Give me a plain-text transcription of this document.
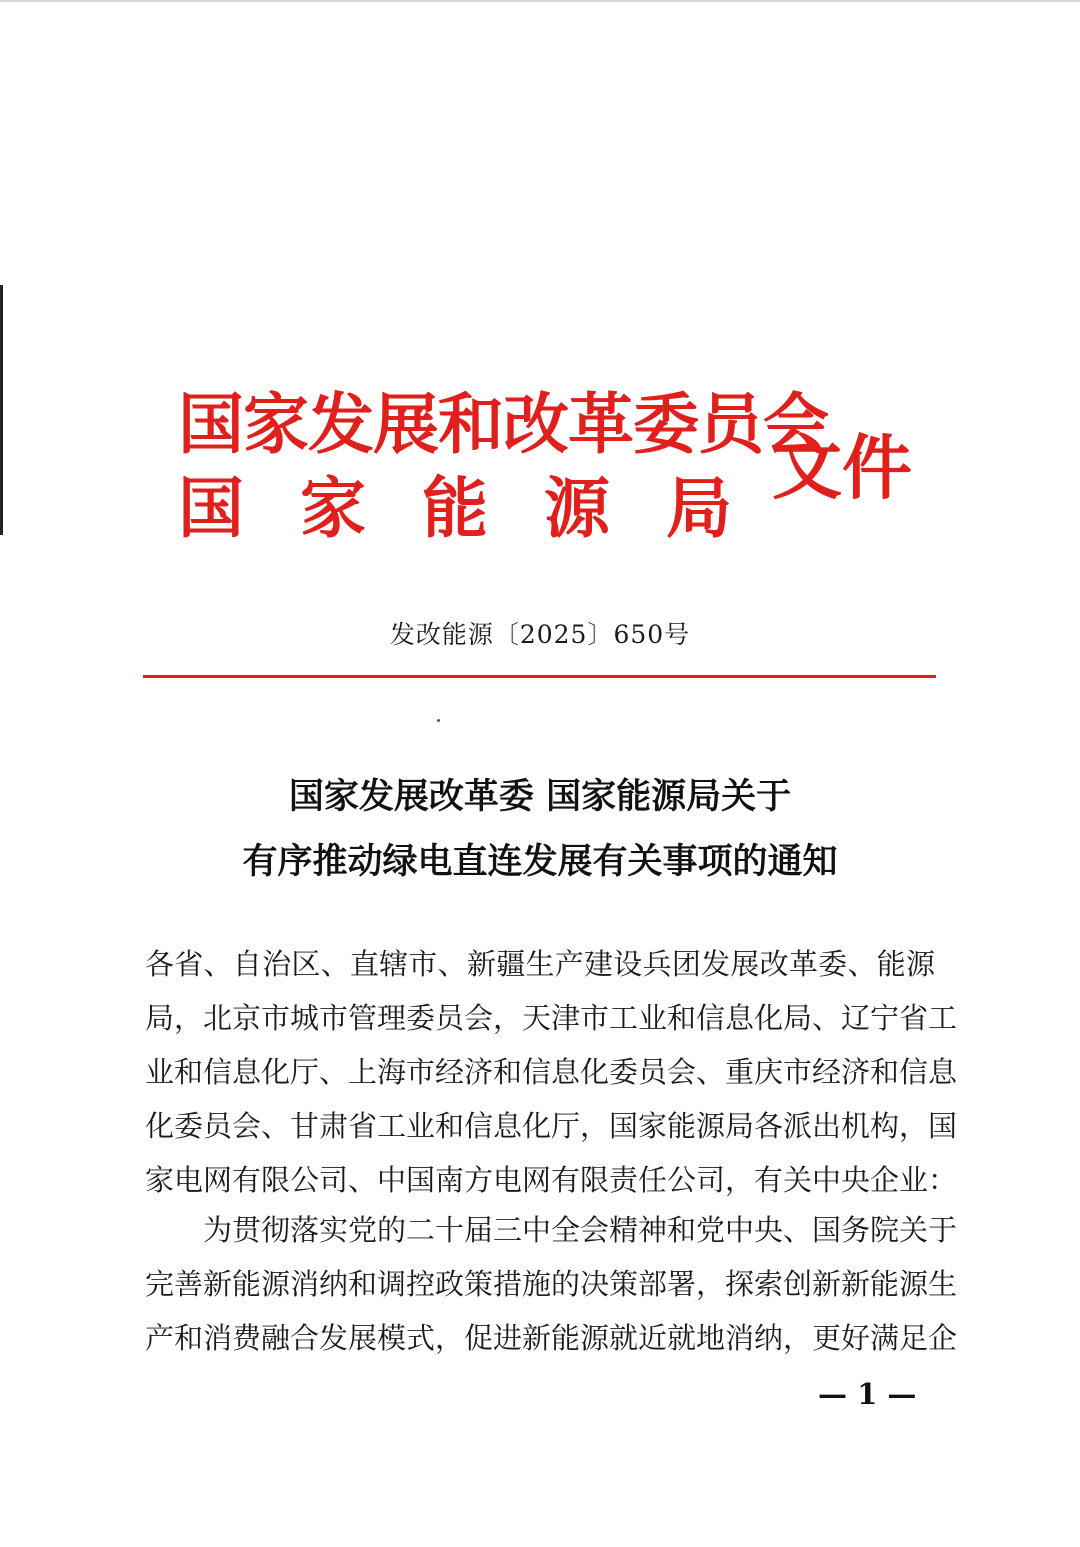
国家发展和改革委员会
国家能源局
文件
发改能源〔2025〕650号
国家发展改革委 国家能源局关于
有序推动绿电直连发展有关事项的通知
各省、自治区、直辖市、新疆生产建设兵团发展改革委、能源
局，北京市城市管理委员会，天津市工业和信息化局、辽宁省工
业和信息化厅、上海市经济和信息化委员会、重庆市经济和信息
化委员会、甘肃省工业和信息化厅，国家能源局各派出机构，国
家电网有限公司、中国南方电网有限责任公司，有关中央企业：
为贯彻落实党的二十届三中全会精神和党中央、国务院关于
完善新能源消纳和调控政策措施的决策部署，探索创新新能源生
产和消费融合发展模式，促进新能源就近就地消纳，更好满足企
— 1 —
